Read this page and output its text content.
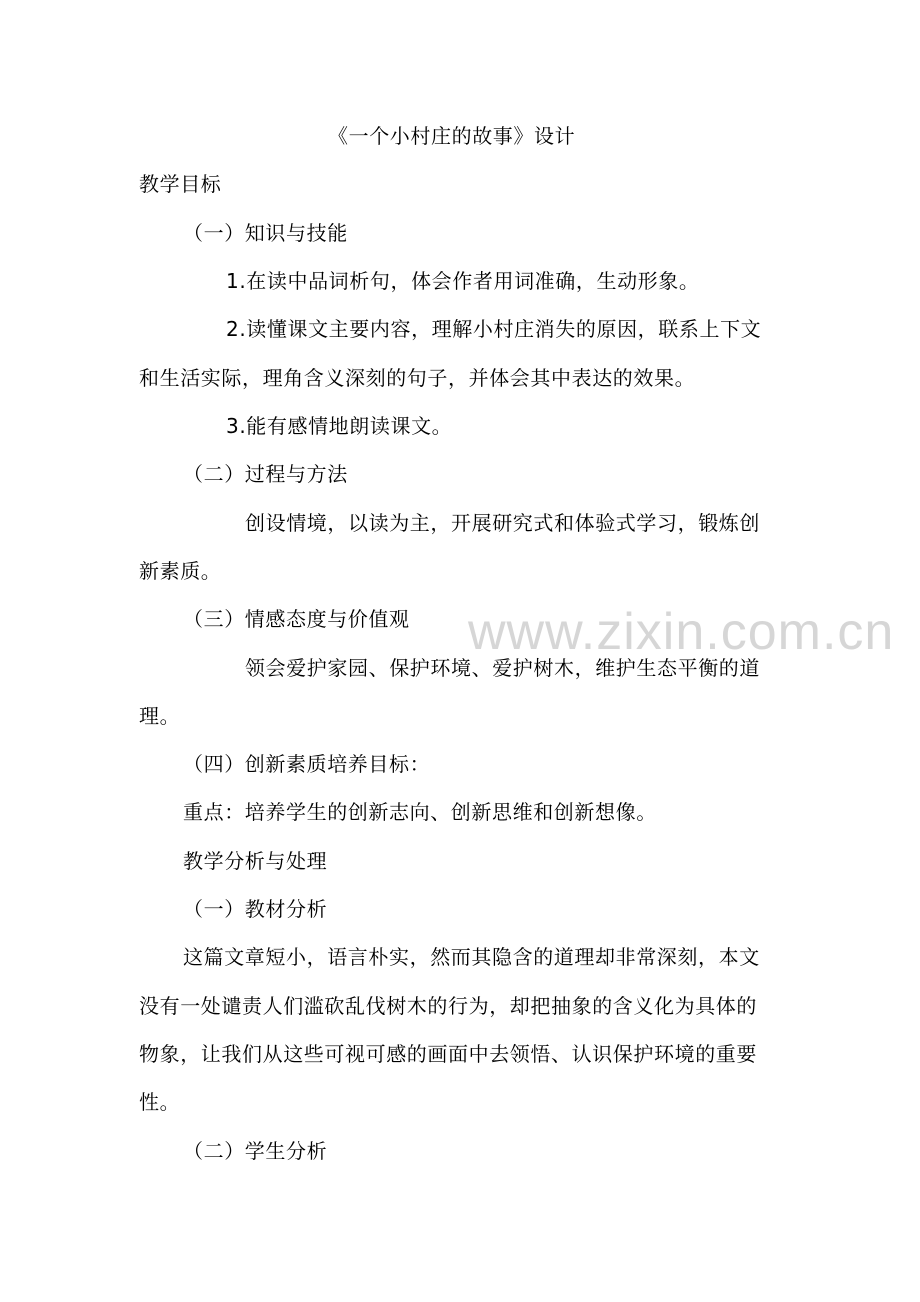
《一个小村庄的故事》设计
教学目标
（一）知识与技能
1.在读中品词析句，体会作者用词准确，生动形象。
2.读懂课文主要内容，理解小村庄消失的原因，联系上下文
和生活实际，理角含义深刻的句子，并体会其中表达的效果。
3.能有感情地朗读课文。
（二）过程与方法
创设情境，以读为主，开展研究式和体验式学习，锻炼创
新素质。
（三）情感态度与价值观
领会爱护家园、保护环境、爱护树木，维护生态平衡的道
理。
（四）创新素质培养目标：
重点：培养学生的创新志向、创新思维和创新想像。
教学分析与处理
（一）教材分析
这篇文章短小，语言朴实，然而其隐含的道理却非常深刻，本文
没有一处谴责人们滥砍乱伐树木的行为，却把抽象的含义化为具体的
物象，让我们从这些可视可感的画面中去领悟、认识保护环境的重要
性。
（二）学生分析
www.zixin.com.cn
